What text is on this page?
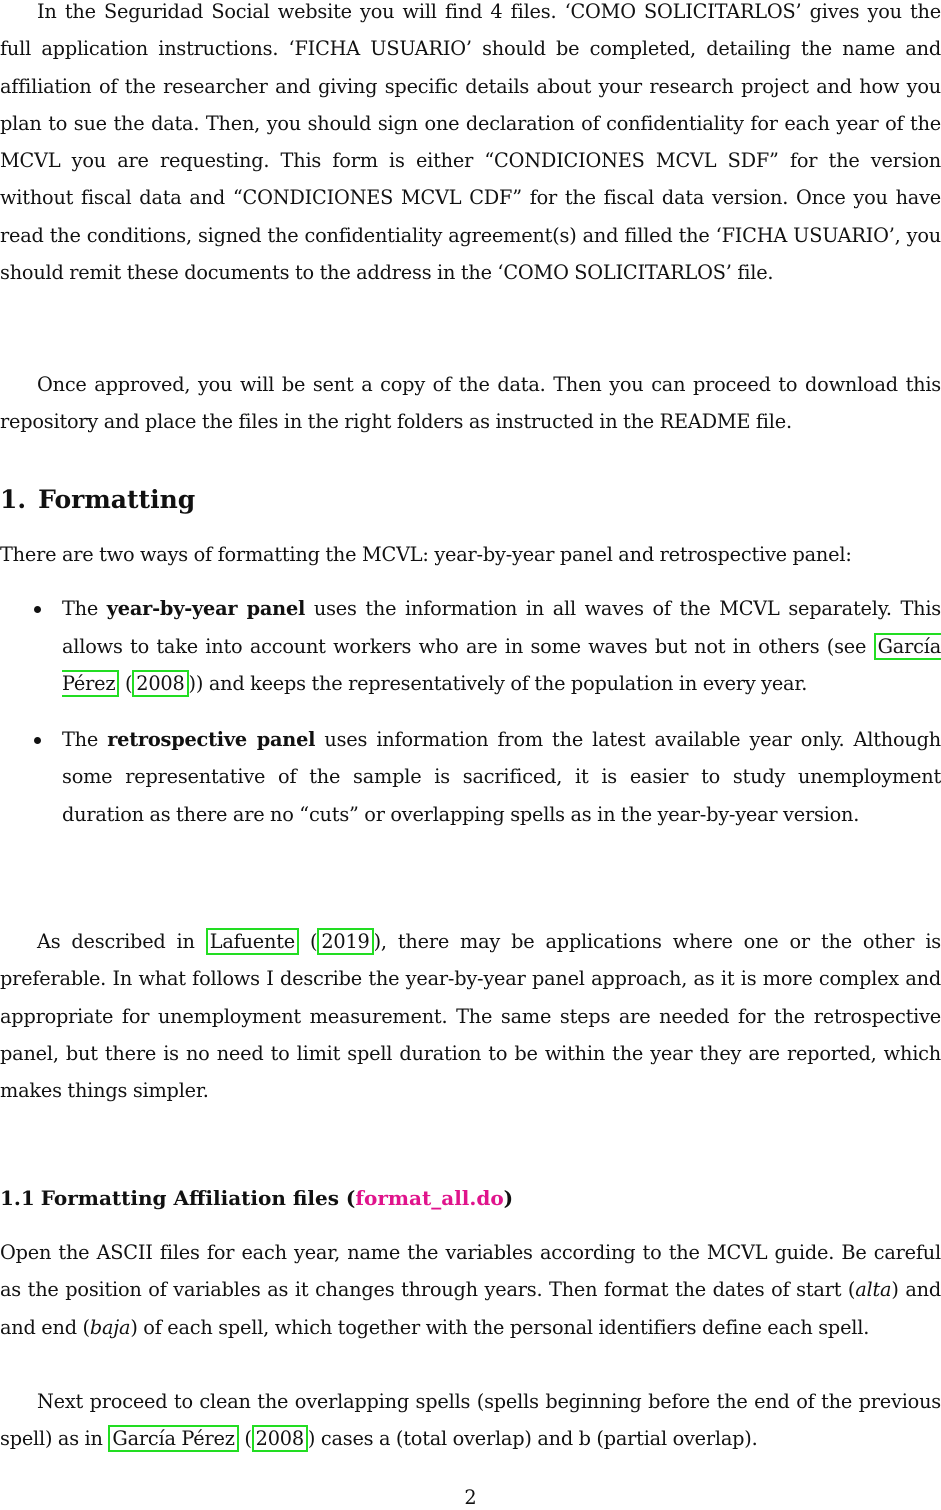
In the Seguridad Social website you will find 4 files. ‘COMO SOLICITARLOS’ gives you the full application instructions. ‘FICHA USUARIO’ should be completed, detailing the name and affiliation of the researcher and giving specific details about your research project and how you plan to sue the data. Then, you should sign one declaration of confidentiality for each year of the MCVL you are requesting. This form is either “CONDICIONES MCVL SDF” for the version without fiscal data and “CONDICIONES MCVL CDF” for the fiscal data version. Once you have read the conditions, signed the confidentiality agreement(s) and filled the ‘FICHA USUARIO’, you should remit these documents to the address in the ‘COMO SOLICITARLOS’ file.

Once approved, you will be sent a copy of the data. Then you can proceed to download this repository and place the files in the right folders as instructed in the README file.

1. Formatting

There are two ways of formatting the MCVL: year-by-year panel and retrospective panel:

The year-by-year panel uses the information in all waves of the MCVL separately. This allows to take into account workers who are in some waves but not in others (see García Pérez ( 2008 )) and keeps the representatively of the population in every year.
The retrospective panel uses information from the latest available year only. Although some representative of the sample is sacrificed, it is easier to study unemployment duration as there are no “cuts” or overlapping spells as in the year-by-year version.

As described in Lafuente ( 2019 ), there may be applications where one or the other is preferable. In what follows I describe the year-by-year panel approach, as it is more complex and appropriate for unemployment measurement. The same steps are needed for the retrospective panel, but there is no need to limit spell duration to be within the year they are reported, which makes things simpler.

1.1 Formatting Affiliation files (format_all.do)

Open the ASCII files for each year, name the variables according to the MCVL guide. Be careful as the position of variables as it changes through years. Then format the dates of start (alta) and and end (baja) of each spell, which together with the personal identifiers define each spell.

Next proceed to clean the overlapping spells (spells beginning before the end of the previous spell) as in García Pérez ( 2008 ) cases a (total overlap) and b (partial overlap).

2
